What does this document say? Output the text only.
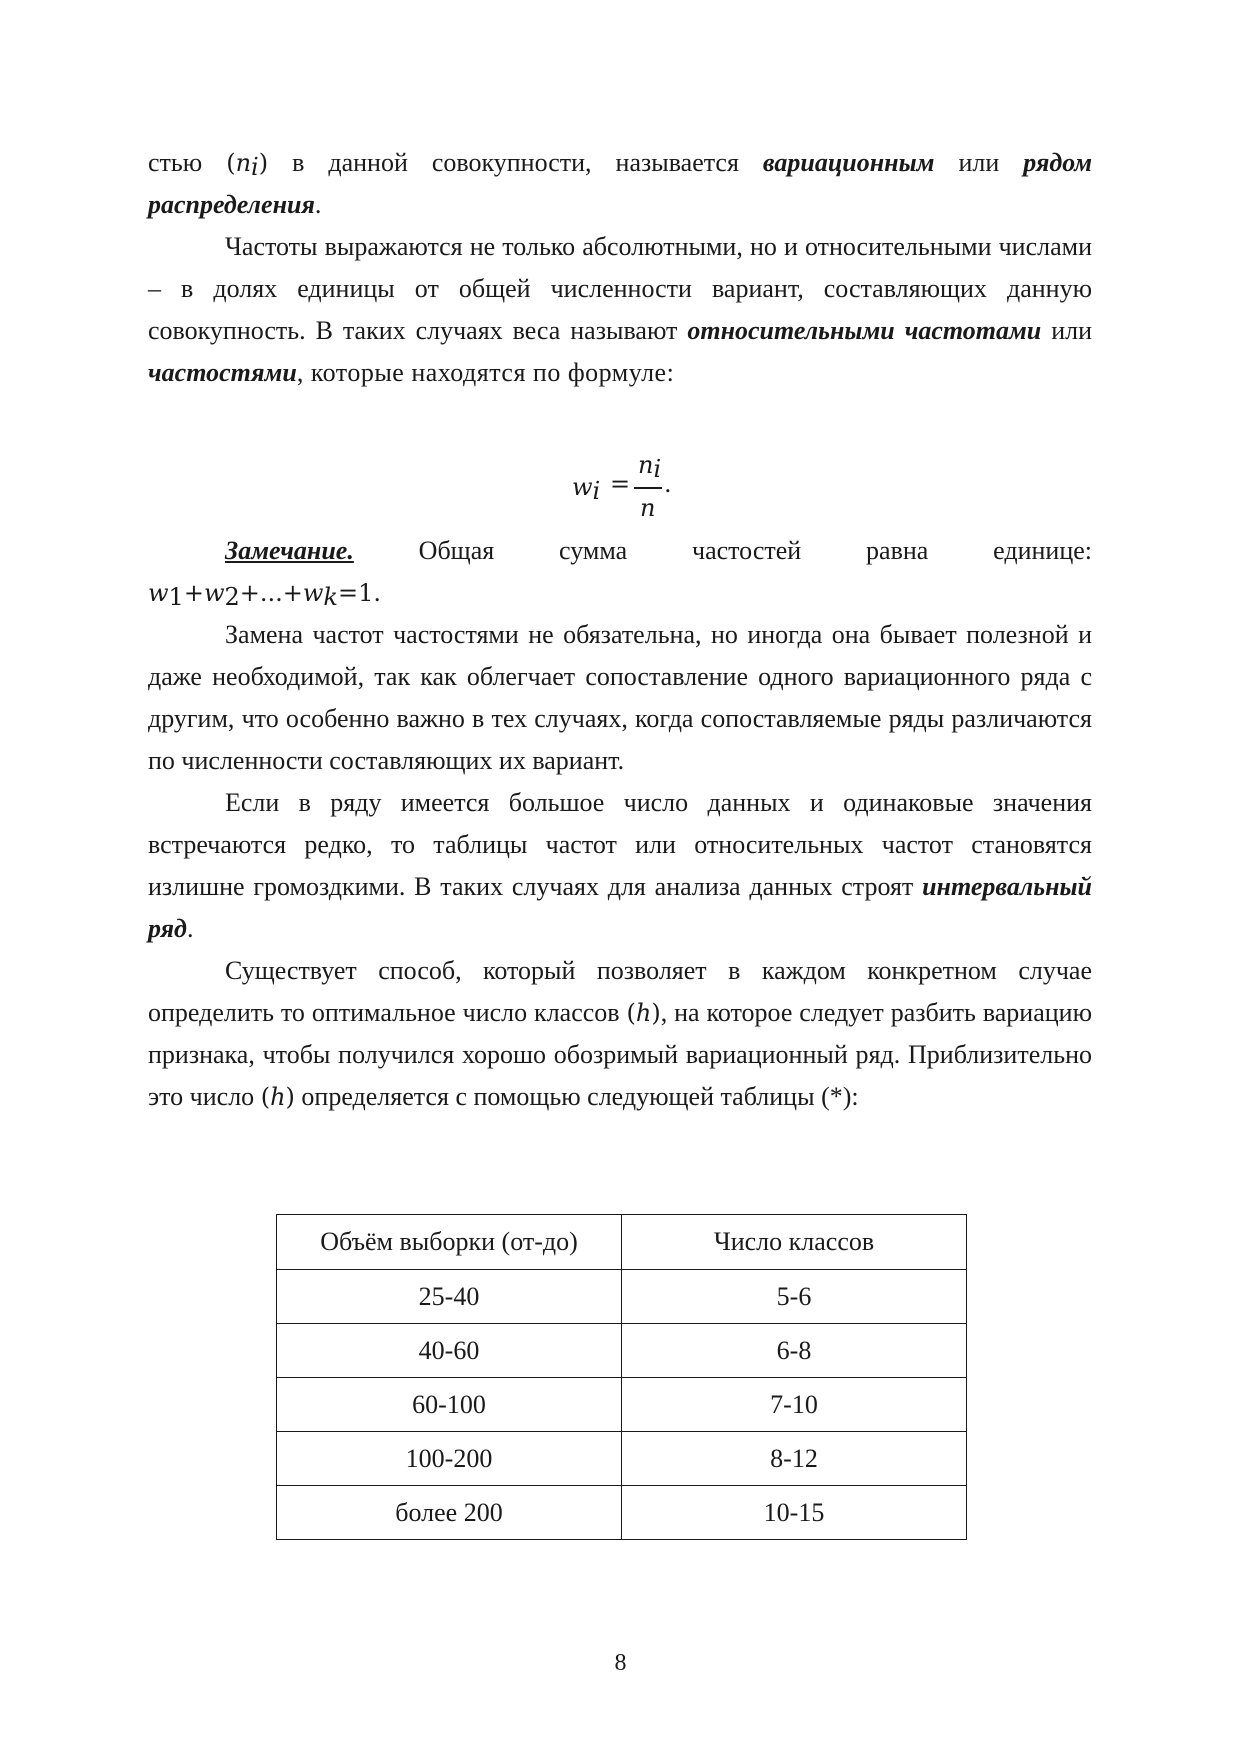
стью $(n_i)$ в данной совокупности, называется вариационным или рядом распределения.

Частоты выражаются не только абсолютными, но и относительными числами – в долях единицы от общей численности вариант, составляющих данную совокупность. В таких случаях веса называют относительными частотами или частостями, которые находятся по формуле:

$w_i$ =
$n_i$
n
.

Замечание. Общая сумма частостей равна единице:

$w_1+w_2+...+w_k=1$.

Замена частот частостями не обязательна, но иногда она бывает полезной и даже необходимой, так как облегчает сопоставление одного вариационного ряда с другим, что особенно важно в тех случаях, когда сопоставляемые ряды различаются по численности составляющих их вариант.

Если в ряду имеется большое число данных и одинаковые значения встречаются редко, то таблицы частот или относительных частот становятся излишне громоздкими. В таких случаях для анализа данных строят интервальный ряд.

Существует способ, который позволяет в каждом конкретном случае определить то оптимальное число классов (h), на которое следует разбить вариацию признака, чтобы получился хорошо обозримый вариационный ряд. Приблизительно это число (h) определяется с помощью следующей таблицы (*):

Объём выборки (от-до)	Число классов
25-40	5-6
40-60	6-8
60-100	7-10
100-200	8-12
более 200	10-15
8
